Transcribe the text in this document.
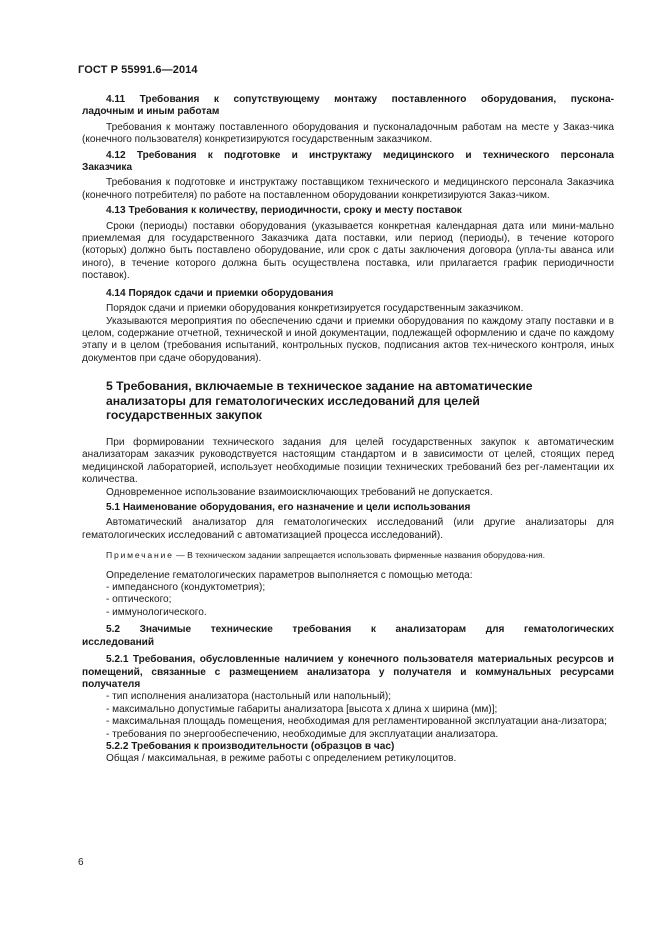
ГОСТ Р 55991.6—2014

4.11 Требования к сопутствующему монтажу поставленного оборудования, пускона-

ладочным и иным работам

Требования к монтажу поставленного оборудования и пусконаладочным работам на месте у Заказ-чика (конечного пользователя) конкретизируются государственным заказчиком.

4.12 Требования к подготовке и инструктажу медицинского и технического персонала

Заказчика

Требования к подготовке и инструктажу поставщиком технического и медицинского персонала Заказчика (конечного потребителя) по работе на поставленном оборудовании конкретизируются Заказ-чиком.

4.13 Требования к количеству, периодичности, сроку и месту поставок

Сроки (периоды) поставки оборудования (указывается конкретная календарная дата или мини-мально приемлемая для государственного Заказчика дата поставки, или период (периоды), в течение которого (которых) должно быть поставлено оборудование, или срок с даты заключения договора (упла-ты аванса или иного), в течение которого должна быть осуществлена поставка, или прилагается график периодичности поставок).

4.14 Порядок сдачи и приемки оборудования

Порядок сдачи и приемки оборудования конкретизируется государственным заказчиком.

Указываются мероприятия по обеспечению сдачи и приемки оборудования по каждому этапу поставки и в целом, содержание отчетной, технической и иной документации, подлежащей оформлению и сдаче по каждому этапу и в целом (требования испытаний, контрольных пусков, подписания актов тех-нического контроля, иных документов при сдаче оборудования).

5 Требования, включаемые в техническое задание на автоматические
анализаторы для гематологических исследований для целей
государственных закупок

При формировании технического задания для целей государственных закупок к автоматическим анализаторам заказчик руководствуется настоящим стандартом и в зависимости от целей, стоящих перед медицинской лабораторией, использует необходимые позиции технических требований без рег-ламентации их количества.

Одновременное использование взаимоисключающих требований не допускается.

5.1 Наименование оборудования, его назначение и цели использования

Автоматический анализатор для гематологических исследований (или другие анализаторы для гематологических исследований с автоматизацией процесса исследований).

Примечание — В техническом задании запрещается использовать фирменные названия оборудова-ния.

Определение гематологических параметров выполняется с помощью метода:

- импедансного (кондуктометрия);

- оптического;

- иммунологического.

5.2 Значимые технические требования к анализаторам для гематологических

исследований

5.2.1 Требования, обусловленные наличием у конечного пользователя материальных ресурсов и помещений, связанные с размещением анализатора у получателя и коммунальных ресурсами получателя

- тип исполнения анализатора (настольный или напольный);

- максимально допустимые габариты анализатора [высота х длина х ширина (мм)];

- максимальная площадь помещения, необходимая для регламентированной эксплуатации ана-лизатора;

- требования по энергообеспечению, необходимые для эксплуатации анализатора.

5.2.2 Требования к производительности (образцов в час)

Общая / максимальная, в режиме работы с определением ретикулоцитов.

6
